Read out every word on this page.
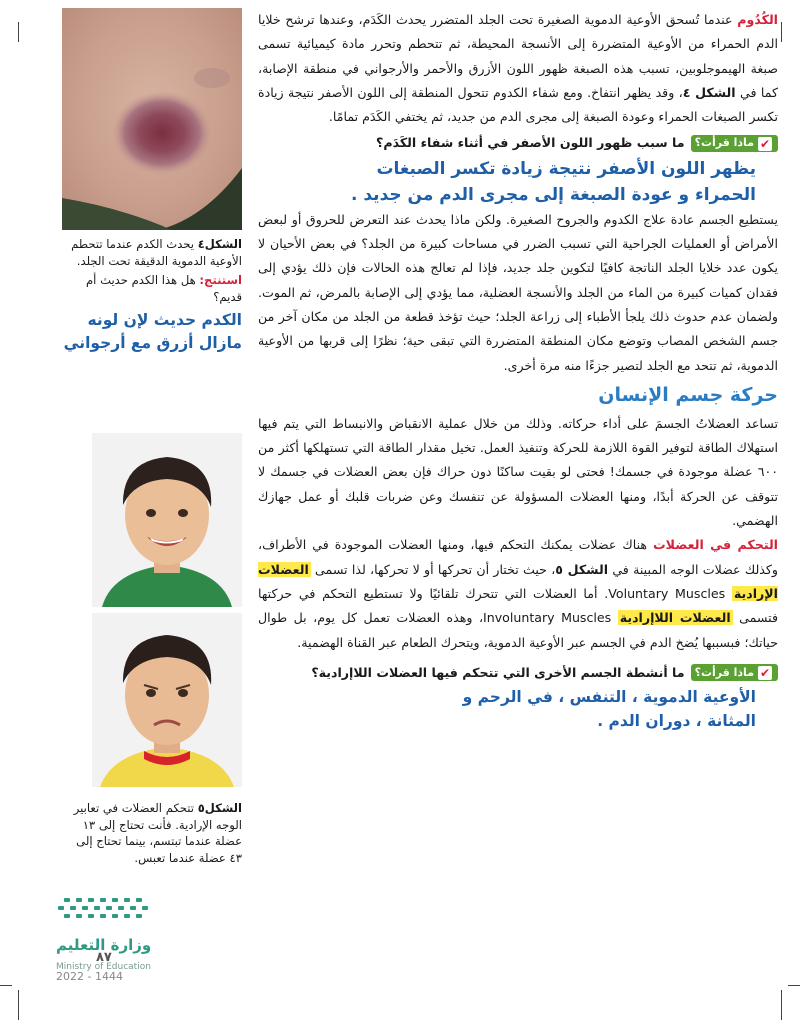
الكُدُوم عندما تُسحق الأوعية الدموية الصغيرة تحت الجلد المتضرر يحدث الكَدَم، وعندها ترشح خلايا الدم الحمراء من الأوعية المتضررة إلى الأنسجة المحيطة، ثم تتحطم وتحرر مادة كيميائية تسمى صبغة الهيموجلوبين، تسبب هذه الصبغة ظهور اللون الأزرق والأحمر والأرجواني في منطقة الإصابة، كما في الشكل ٤، وقد يظهر انتفاخ. ومع شفاء الكدوم تتحول المنطقة إلى اللون الأصفر نتيجة زيادة تكسر الصبغات الحمراء وعودة الصبغة إلى مجرى الدم من جديد، ثم يختفي الكَدَم تمامًا.

✔
ماذا قرأت؟
ما سبب ظهور اللون الأصفر في أثناء شفاء الكَدَم؟
يظهر اللون الأصفر نتيجة زيادة تكسر الصبغات
الحمراء و عودة الصبغة إلى مجرى الدم من جديد .

يستطيع الجسم عادة علاج الكدوم والجروح الصغيرة. ولكن ماذا يحدث عند التعرض للحروق أو لبعض الأمراض أو العمليات الجراحية التي تسبب الضرر في مساحات كبيرة من الجلد؟ في بعض الأحيان لا يكون عدد خلايا الجلد الناتجة كافيًا لتكوين جلد جديد، فإذا لم تعالج هذه الحالات فإن ذلك يؤدي إلى فقدان كميات كبيرة من الماء من الجلد والأنسجة العضلية، مما يؤدي إلى الإصابة بالمرض، ثم الموت. ولضمان عدم حدوث ذلك يلجأ الأطباء إلى زراعة الجلد؛ حيث تؤخذ قطعة من الجلد من مكان آخر من جسم الشخص المصاب وتوضع مكان المنطقة المتضررة التي تبقى حية؛ نظرًا إلى قربها من الأوعية الدموية، ثم تتحد مع الجلد لتصير جزءًا منه مرة أخرى.

حركة جسم الإنسان

تساعد العضلاتُ الجسمَ على أداء حركاته. وذلك من خلال عملية الانقباض والانبساط التي يتم فيها استهلاك الطاقة لتوفير القوة اللازمة للحركة وتنفيذ العمل. تخيل مقدار الطاقة التي تستهلكها أكثر من ٦٠٠ عضلة موجودة في جسمك! فحتى لو بقيت ساكنًا دون حراك فإن بعض العضلات في جسمك لا تتوقف عن الحركة أبدًا، ومنها العضلات المسؤولة عن تنفسك وعن ضربات قلبك أو عمل جهازك الهضمي.

التحكم في العضلات هناك عضلات يمكنك التحكم فيها، ومنها العضلات الموجودة في الأطراف، وكذلك عضلات الوجه المبينة في الشكل ٥، حيث تختار أن تحركها أو لا تحركها، لذا تسمى العضلات الإرادية Voluntary Muscles. أما العضلات التي تتحرك تلقائيًا ولا تستطيع التحكم في حركتها فتسمى العضلات اللاإرادية Involuntary Muscles، وهذه العضلات تعمل كل يوم، بل طوال حياتك؛ فبسببها يُضخ الدم في الجسم عبر الأوعية الدموية، ويتحرك الطعام عبر القناة الهضمية.

✔
ماذا قرأت؟
ما أنشطة الجسم الأخرى التي تتحكم فيها العضلات اللاإرادية؟
الأوعية الدموية ، التنفس ، في الرحم و
المثانة ، دوران الدم .
الشكل٤ يحدث الكدم عندما تتحطم الأوعية الدموية الدقيقة تحت الجلد.
استنتج: هل هذا الكدم حديث أم قديم؟
الكدم حديث لإن لونه
مازال أزرق مع أرجواني
الشكل٥ تتحكم العضلات في تعابير الوجه الإرادية. فأنت تحتاج إلى ١٣ عضلة عندما تبتسم، بينما تحتاج إلى ٤٣ عضلة عندما تعبس.
وزارة التعليم
Ministry of Education
٨٧
2022 - 1444
